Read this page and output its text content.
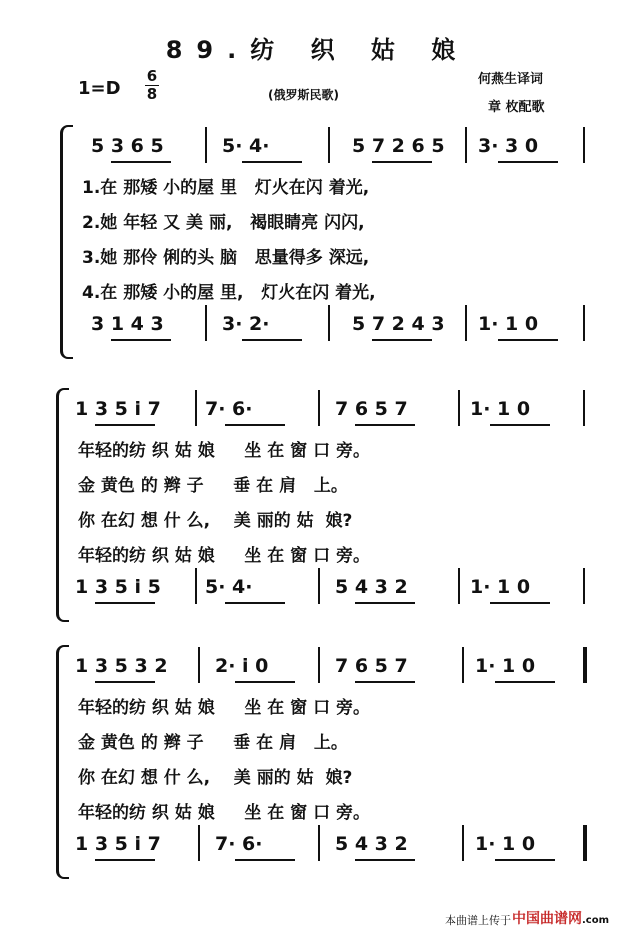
89.纺 织 姑 娘
1=D
6
8	(俄罗斯民歌)
何燕生译词
章 枚配歌
5 3 6 5	5· 4·	5 7 2 6 5 3· 3 0
1.在 那矮 小的屋 里   灯火在闪 着光,
2.她 年轻 又 美 丽,   褐眼睛亮 闪闪,
3.她 那伶 俐的头 脑   思量得多 深远,
4.在 那矮 小的屋 里,   灯火在闪 着光,
3 1 4 3	3· 2·	5 7 2 4 3 1· 1 0
1 3 5 i 7 7· 6·	7 6 5 7	1· 1 0
年轻的纺 织 姑 娘     坐 在 窗 口 旁。
金 黄色 的 辫 子     垂 在 肩   上。
你 在幻 想 什 么,    美 丽的 姑  娘?
年轻的纺 织 姑 娘     坐 在 窗 口 旁。
1 3 5 i 5 5· 4·	5 4 3 2	1· 1 0
1 3 5 3 2 2· i 0	7 6 5 7	1· 1 0
年轻的纺 织 姑 娘     坐 在 窗 口 旁。
金 黄色 的 辫 子     垂 在 肩   上。
你 在幻 想 什 么,    美 丽的 姑  娘?
年轻的纺 织 姑 娘     坐 在 窗 口 旁。
1 3 5 i 7	7· 6·	5 4 3 2	1· 1 0
本曲谱上传于 中国曲谱网.com
